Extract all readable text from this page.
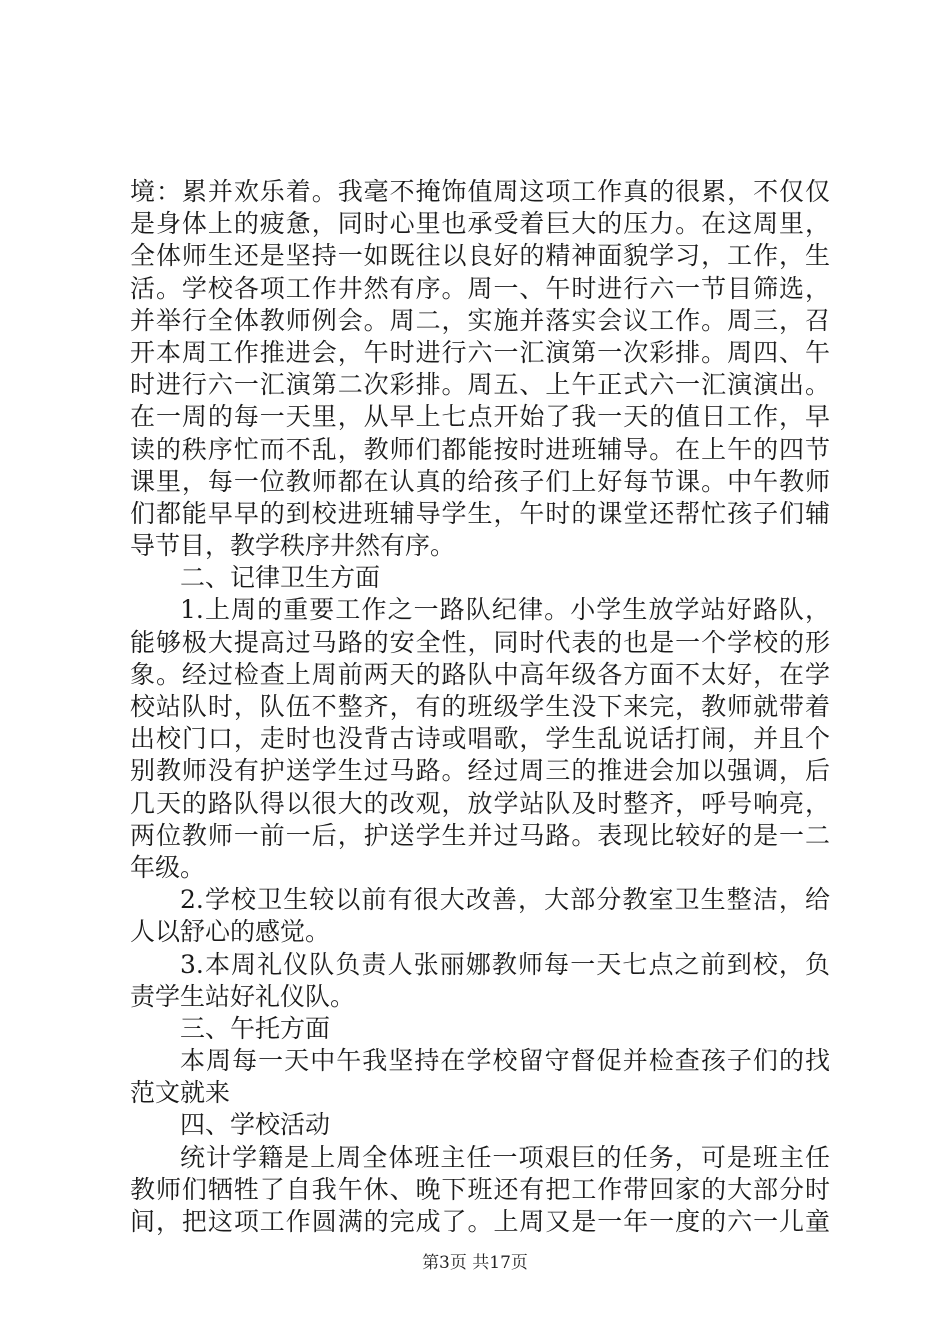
境：累并欢乐着。我毫不掩饰值周这项工作真的很累，不仅仅
是身体上的疲惫，同时心里也承受着巨大的压力。在这周里，
全体师生还是坚持一如既往以良好的精神面貌学习，工作，生
活。学校各项工作井然有序。周一、午时进行六一节目筛选，
并举行全体教师例会。周二，实施并落实会议工作。周三，召
开本周工作推进会，午时进行六一汇演第一次彩排。周四、午
时进行六一汇演第二次彩排。周五、上午正式六一汇演演出。
在一周的每一天里，从早上七点开始了我一天的值日工作，早
读的秩序忙而不乱，教师们都能按时进班辅导。在上午的四节
课里，每一位教师都在认真的给孩子们上好每节课。中午教师
们都能早早的到校进班辅导学生，午时的课堂还帮忙孩子们辅
导节目，教学秩序井然有序。
二、记律卫生方面
1.上周的重要工作之一路队纪律。小学生放学站好路队，
能够极大提高过马路的安全性，同时代表的也是一个学校的形
象。经过检查上周前两天的路队中高年级各方面不太好，在学
校站队时，队伍不整齐，有的班级学生没下来完，教师就带着
出校门口，走时也没背古诗或唱歌，学生乱说话打闹，并且个
别教师没有护送学生过马路。经过周三的推进会加以强调，后
几天的路队得以很大的改观，放学站队及时整齐，呼号响亮，
两位教师一前一后，护送学生并过马路。表现比较好的是一二
年级。
2.学校卫生较以前有很大改善，大部分教室卫生整洁，给
人以舒心的感觉。
3.本周礼仪队负责人张丽娜教师每一天七点之前到校，负
责学生站好礼仪队。
三、午托方面
本周每一天中午我坚持在学校留守督促并检查孩子们的找
范文就来
四、学校活动
统计学籍是上周全体班主任一项艰巨的任务，可是班主任
教师们牺牲了自我午休、晚下班还有把工作带回家的大部分时
间，把这项工作圆满的完成了。上周又是一年一度的六一儿童
第3页 共17页
